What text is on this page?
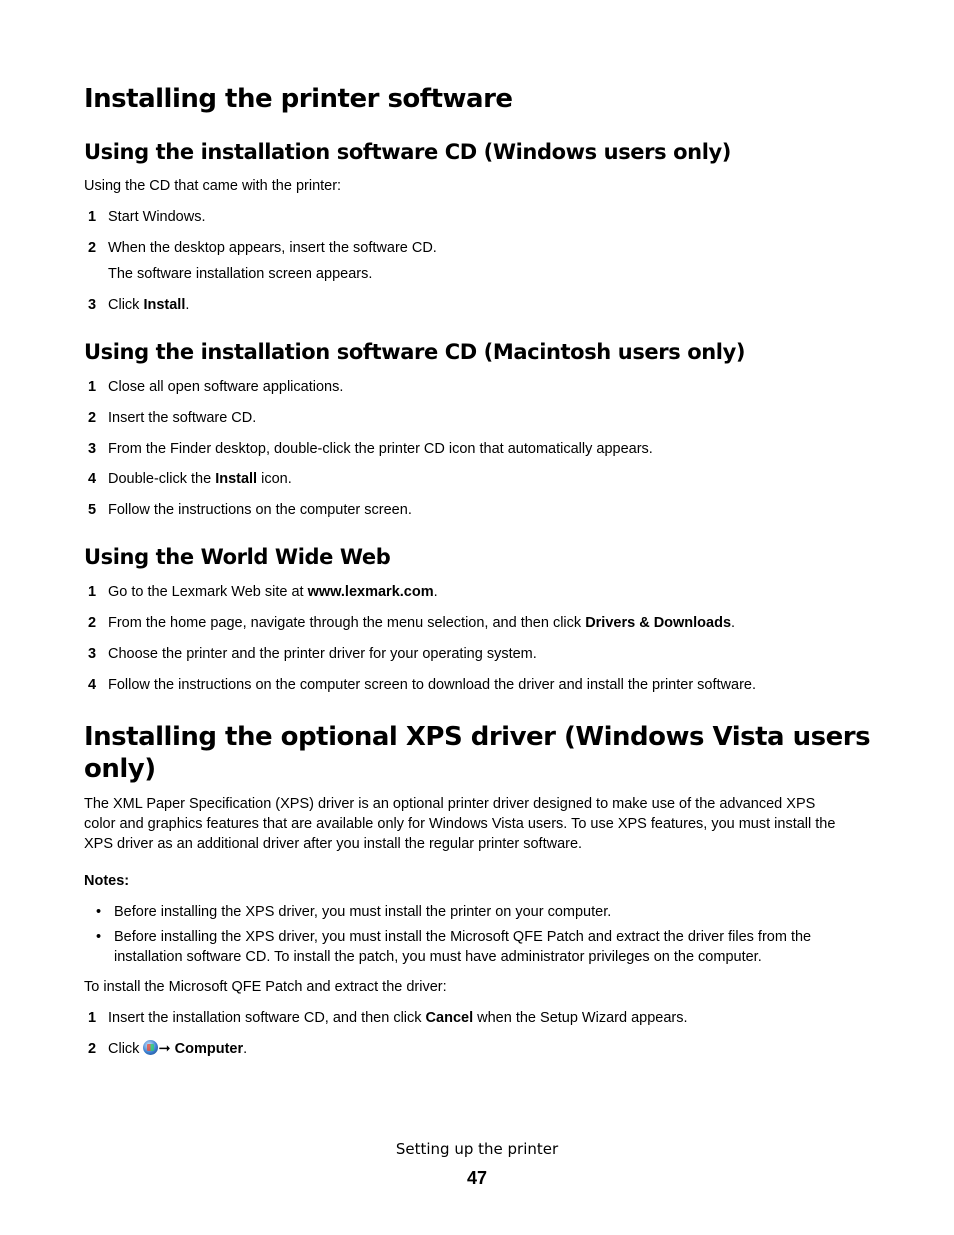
Installing the printer software
Using the installation software CD (Windows users only)
Using the CD that came with the printer:
1 Start Windows.
2 When the desktop appears, insert the software CD.
The software installation screen appears.
3 Click Install.
Using the installation software CD (Macintosh users only)
1 Close all open software applications.
2 Insert the software CD.
3 From the Finder desktop, double-click the printer CD icon that automatically appears.
4 Double-click the Install icon.
5 Follow the instructions on the computer screen.
Using the World Wide Web
1 Go to the Lexmark Web site at www.lexmark.com.
2 From the home page, navigate through the menu selection, and then click Drivers & Downloads.
3 Choose the printer and the printer driver for your operating system.
4 Follow the instructions on the computer screen to download the driver and install the printer software.
Installing the optional XPS driver (Windows Vista users
only)
The XML Paper Specification (XPS) driver is an optional printer driver designed to make use of the advanced XPS
color and graphics features that are available only for Windows Vista users. To use XPS features, you must install the
XPS driver as an additional driver after you install the regular printer software.
Notes:
• Before installing the XPS driver, you must install the printer on your computer.
• Before installing the XPS driver, you must install the Microsoft QFE Patch and extract the driver files from the
installation software CD. To install the patch, you must have administrator privileges on the computer.
To install the Microsoft QFE Patch and extract the driver:
1 Insert the installation software CD, and then click Cancel when the Setup Wizard appears.
2 Click ➞ Computer.
Setting up the printer
47
